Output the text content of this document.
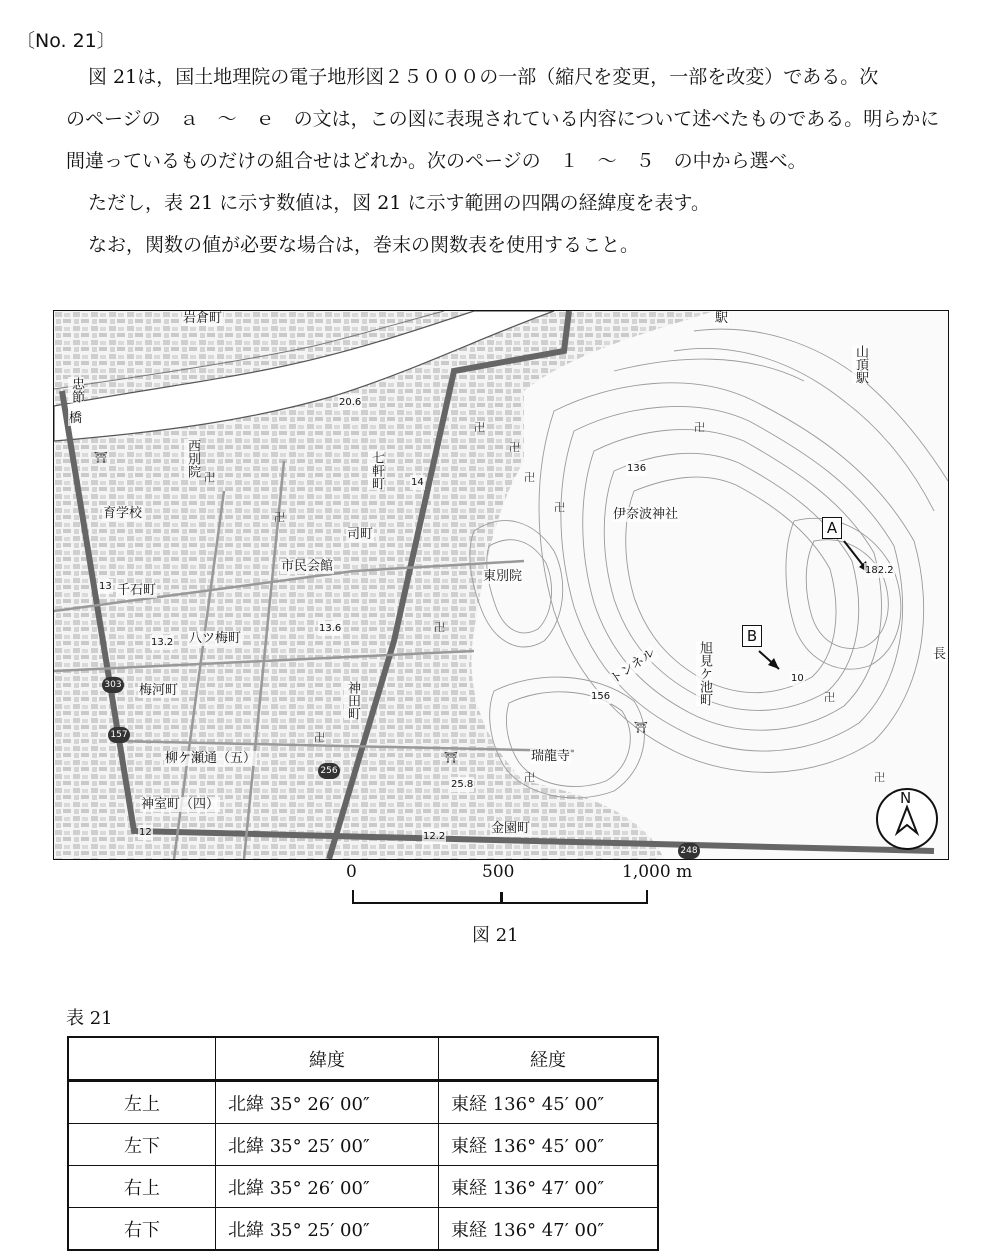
〔No. 21〕
図 21は，国土地理院の電子地形図２５０００の一部（縮尺を変更，一部を改変）である。次
のページの　ａ　～　ｅ　の文は，この図に表現されている内容について述べたものである。明らかに
間違っているものだけの組合せはどれか。次のページの　１　～　５　の中から選べ。
ただし，表 21 に示す数値は，図 21 に示す範囲の四隅の経緯度を表す。
なお，関数の値が必要な場合は，巻末の関数表を使用すること。
卍
卍
卍
卍
卍
卍
卍
卍
卍
卍
卍
卍
⛩
⛩
⛩
岩倉町
忠節
橋
西別院
育学校
市民会館
司町
千石町
八ツ梅町
梅河町
柳ケ瀬通（五）
神室町（四）
七軒町
神田町
東別院
伊奈波神社
瑞龍寺
金園町
旭見ケ池町
トンネル
山頂駅
駅
長
20.6
136
182.2
13
13.2
13.6
12
156
25.8
12.2
14
10
303
157
256
248
A
B
N
0	500	1,000 m
図 21
表 21
	緯度	経度
左上	北緯 35° 26′ 00″	東経 136° 45′ 00″
左下	北緯 35° 25′ 00″	東経 136° 45′ 00″
右上	北緯 35° 26′ 00″	東経 136° 47′ 00″
右下	北緯 35° 25′ 00″	東経 136° 47′ 00″
